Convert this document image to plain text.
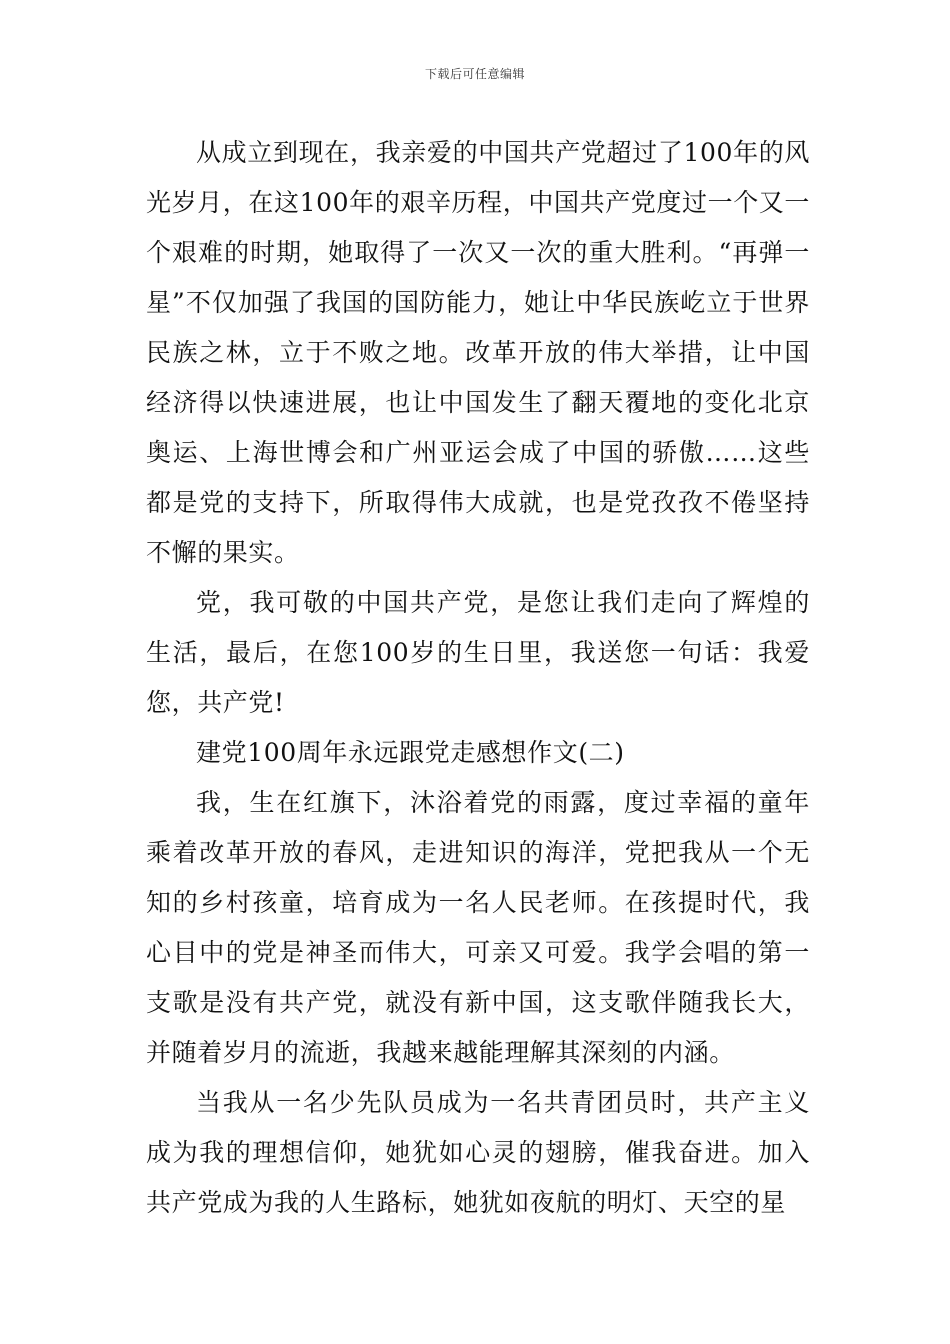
下载后可任意编辑

从成立到现在，我亲爱的中国共产党超过了100年的风光岁月，在这100年的艰辛历程，中国共产党度过一个又一个艰难的时期，她取得了一次又一次的重大胜利。“再弹一星”不仅加强了我国的国防能力，她让中华民族屹立于世界民族之林，立于不败之地。改革开放的伟大举措，让中国经济得以快速进展，也让中国发生了翻天覆地的变化北京奥运、上海世博会和广州亚运会成了中国的骄傲……这些都是党的支持下，所取得伟大成就，也是党孜孜不倦坚持不懈的果实。

党，我可敬的中国共产党，是您让我们走向了辉煌的生活，最后，在您100岁的生日里，我送您一句话：我爱您，共产党!

建党100周年永远跟党走感想作文(二)

我，生在红旗下，沐浴着党的雨露，度过幸福的童年乘着改革开放的春风，走进知识的海洋，党把我从一个无知的乡村孩童，培育成为一名人民老师。在孩提时代，我心目中的党是神圣而伟大，可亲又可爱。我学会唱的第一支歌是没有共产党，就没有新中国，这支歌伴随我长大，并随着岁月的流逝，我越来越能理解其深刻的内涵。

当我从一名少先队员成为一名共青团员时，共产主义成为我的理想信仰，她犹如心灵的翅膀，催我奋进。加入共产党成为我的人生路标，她犹如夜航的明灯、天空的星
